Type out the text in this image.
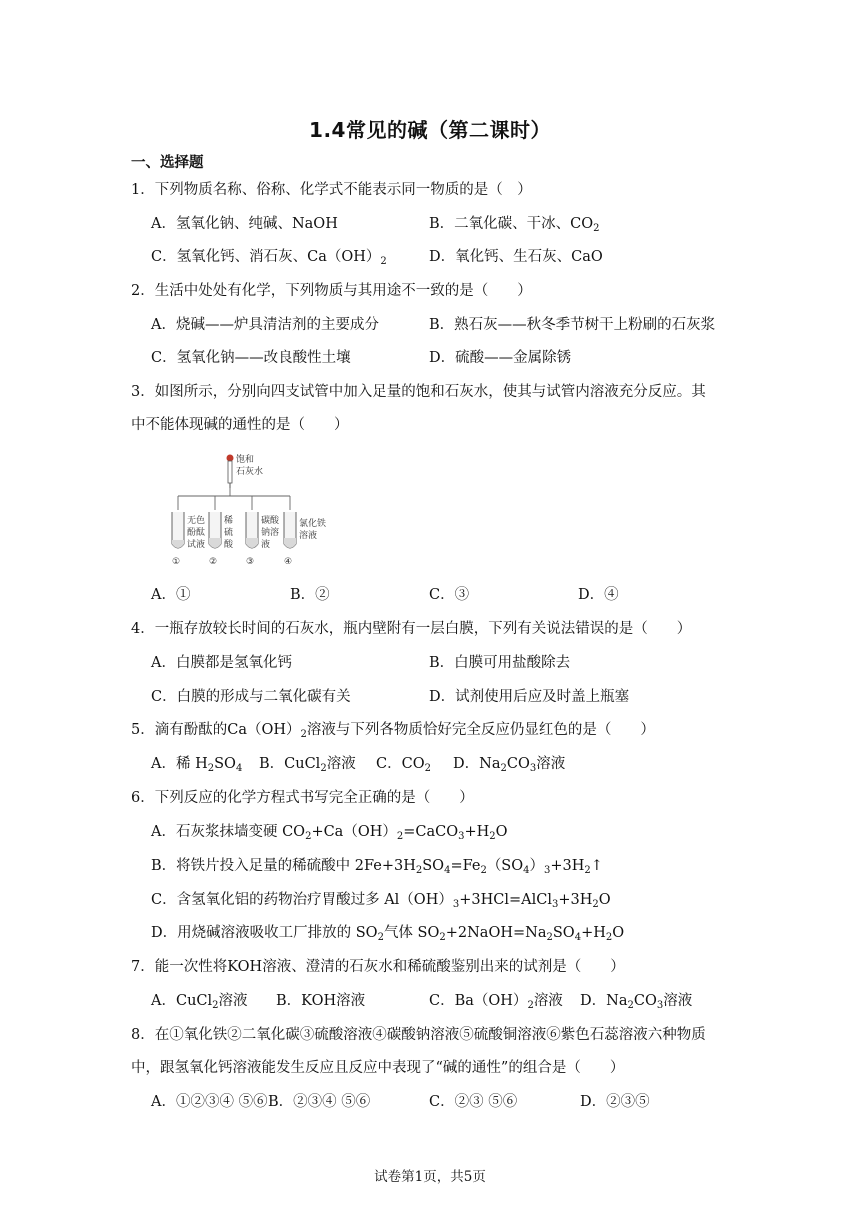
1.4常见的碱（第二课时）
一、选择题
1．下列物质名称、俗称、化学式不能表示同一物质的是（　）
A．氢氧化钠、纯碱、NaOH	B．二氧化碳、干冰、$CO_2$
C．氢氧化钙、消石灰、$Ca(OH)_2$	D．氧化钙、生石灰、CaO
2．生活中处处有化学，下列物质与其用途不一致的是（　　）
A．烧碱——炉具清洁剂的主要成分	B．熟石灰——秋冬季节树干上粉刷的石灰浆
C．氢氧化钠——改良酸性土壤	D．硫酸——金属除锈
3．如图所示，分别向四支试管中加入足量的饱和石灰水，使其与试管内溶液充分反应。其
中不能体现碱的通性的是（　　）
饱和
石灰水
无色
酚酞
试液
①
稀
硫
酸
②
碳酸
钠溶
液
③
氯化铁
溶液
④
A．①	B．②	C．③	D．④
4．一瓶存放较长时间的石灰水，瓶内壁附有一层白膜，下列有关说法错误的是（　　）
A．白膜都是氢氧化钙	B．白膜可用盐酸除去
C．白膜的形成与二氧化碳有关	D．试剂使用后应及时盖上瓶塞
5．滴有酚酞的$Ca(OH)_2$溶液与下列各物质恰好完全反应仍显红色的是（　　）
A．稀 $H_2SO_4$ B．CuCl$_2$溶液 C．$CO_2$ D．$Na_2CO_3$溶液
6．下列反应的化学方程式书写完全正确的是（　　）
A．石灰浆抹墙变硬 $CO_2+Ca(OH)_2=CaCO_3+H_2O$
B．将铁片投入足量的稀硫酸中 $2Fe+3H_2SO_4=Fe_2(SO_4)_3+3H_2↑$
C．含氢氧化铝的药物治疗胃酸过多 $Al(OH)_3+3HCl=AlCl_3+3H_2O$
D．用烧碱溶液吸收工厂排放的 $SO_2$气体 $SO_2+2NaOH=Na_2SO_4+H_2O$
7．能一次性将KOH溶液、澄清的石灰水和稀硫酸鉴别出来的试剂是（　　）
A．CuCl$_2$溶液 B．KOH溶液	C．$Ba(OH)_2$溶液 D．$Na_2CO_3$溶液
8．在①氧化铁②二氧化碳③硫酸溶液④碳酸钠溶液⑤硫酸铜溶液⑥紫色石蕊溶液六种物质
中，跟氢氧化钙溶液能发生反应且反应中表现了“碱的通性”的组合是（　　）
A．①②③④ ⑤⑥ B．②③④ ⑤⑥	C．②③ ⑤⑥	D．②③⑤
试卷第1页，共5页
